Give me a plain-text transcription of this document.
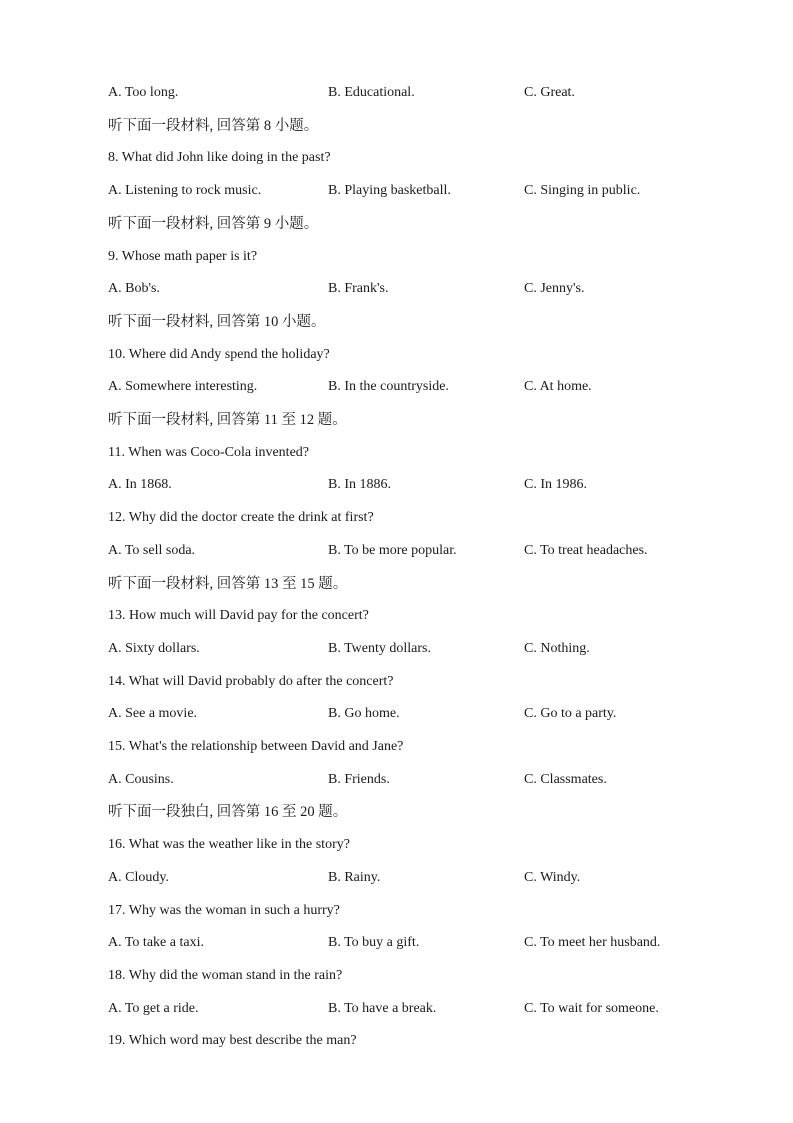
A. Too long.	B. Educational.	C. Great.
听下面一段材料, 回答第 8 小题。
8. What did John like doing in the past?
A. Listening to rock music.	B. Playing basketball.	C. Singing in public.
听下面一段材料, 回答第 9 小题。
9. Whose math paper is it?
A. Bob's.	B. Frank's.	C. Jenny's.
听下面一段材料, 回答第 10 小题。
10. Where did Andy spend the holiday?
A. Somewhere interesting.	B. In the countryside.	C. At home.
听下面一段材料, 回答第 11 至 12 题。
11. When was Coco-Cola invented?
A. In 1868.	B. In 1886.	C. In 1986.
12. Why did the doctor create the drink at first?
A. To sell soda.	B. To be more popular.	C. To treat headaches.
听下面一段材料, 回答第 13 至 15 题。
13. How much will David pay for the concert?
A. Sixty dollars.	B. Twenty dollars.	C. Nothing.
14. What will David probably do after the concert?
A. See a movie.	B. Go home.	C. Go to a party.
15. What's the relationship between David and Jane?
A. Cousins.	B. Friends.	C. Classmates.
听下面一段独白, 回答第 16 至 20 题。
16. What was the weather like in the story?
A. Cloudy.	B. Rainy.	C. Windy.
17. Why was the woman in such a hurry?
A. To take a taxi.	B. To buy a gift.	C. To meet her husband.
18. Why did the woman stand in the rain?
A. To get a ride.	B. To have a break.	C. To wait for someone.
19. Which word may best describe the man?
